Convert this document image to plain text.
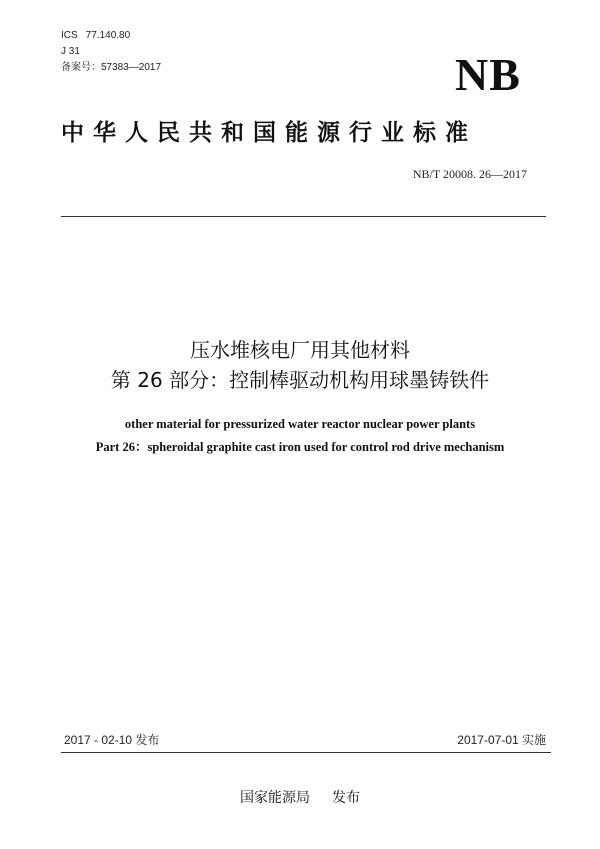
ICS 77.140.80
J 31
备案号：57383—2017	NB
中华人民共和国能源行业标准
NB/T 20008. 26—2017
压水堆核电厂用其他材料
第 26 部分：控制棒驱动机构用球墨铸铁件
other material for pressurized water reactor nuclear power plants
Part 26：spheroidal graphite cast iron used for control rod drive mechanism
2017 - 02-10 发布	2017-07-01 实施
国家能源局 发布
